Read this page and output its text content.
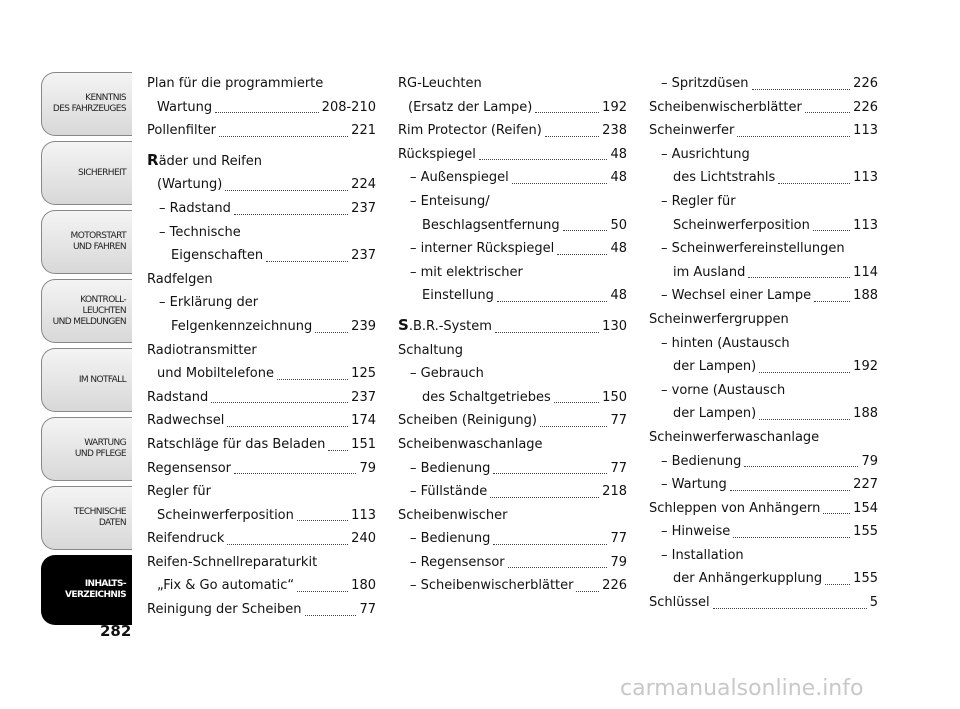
KENNTNIS
DES FAHRZEUGES
SICHERHEIT
MOTORSTART
UND FAHREN
KONTROLL-
LEUCHTEN
UND MELDUNGEN
IM NOTFALL
WARTUNG
UND PFLEGE
TECHNISCHE
DATEN
INHALTS-
VERZEICHNIS
282
Plan für die programmierte
Wartung	208-210
Pollenfilter	221
Räder und Reifen
(Wartung)	224
– Radstand	237
– Technische
Eigenschaften	237
Radfelgen
– Erklärung der
Felgenkennzeichnung	239
Radiotransmitter
und Mobiltelefone	125
Radstand	237
Radwechsel	174
Ratschläge für das Beladen 151
Regensensor	79
Regler für
Scheinwerferposition	113
Reifendruck	240
Reifen-Schnellreparaturkit
„Fix & Go automatic“	180
Reinigung der Scheiben	77
RG-Leuchten
(Ersatz der Lampe)	192
Rim Protector (Reifen)	238
Rückspiegel	48
– Außenspiegel	48
– Enteisung/
Beschlagsentfernung	50
– interner Rückspiegel	48
– mit elektrischer
Einstellung	48
S.B.R.-System	130
Schaltung
– Gebrauch
des Schaltgetriebes	150
Scheiben (Reinigung)	77
Scheibenwaschanlage
– Bedienung	77
– Füllstände	218
Scheibenwischer
– Bedienung	77
– Regensensor	79
– Scheibenwischerblätter 226
– Spritzdüsen	226
Scheibenwischerblätter	226
Scheinwerfer	113
– Ausrichtung
des Lichtstrahls	113
– Regler für
Scheinwerferposition	113
– Scheinwerfereinstellungen
im Ausland	114
– Wechsel einer Lampe	188
Scheinwerfergruppen
– hinten (Austausch
der Lampen)	192
– vorne (Austausch
der Lampen)	188
Scheinwerferwaschanlage
– Bedienung	79
– Wartung	227
Schleppen von Anhängern	154
– Hinweise	155
– Installation
der Anhängerkupplung 155
Schlüssel	5
carmanualsonline.info
